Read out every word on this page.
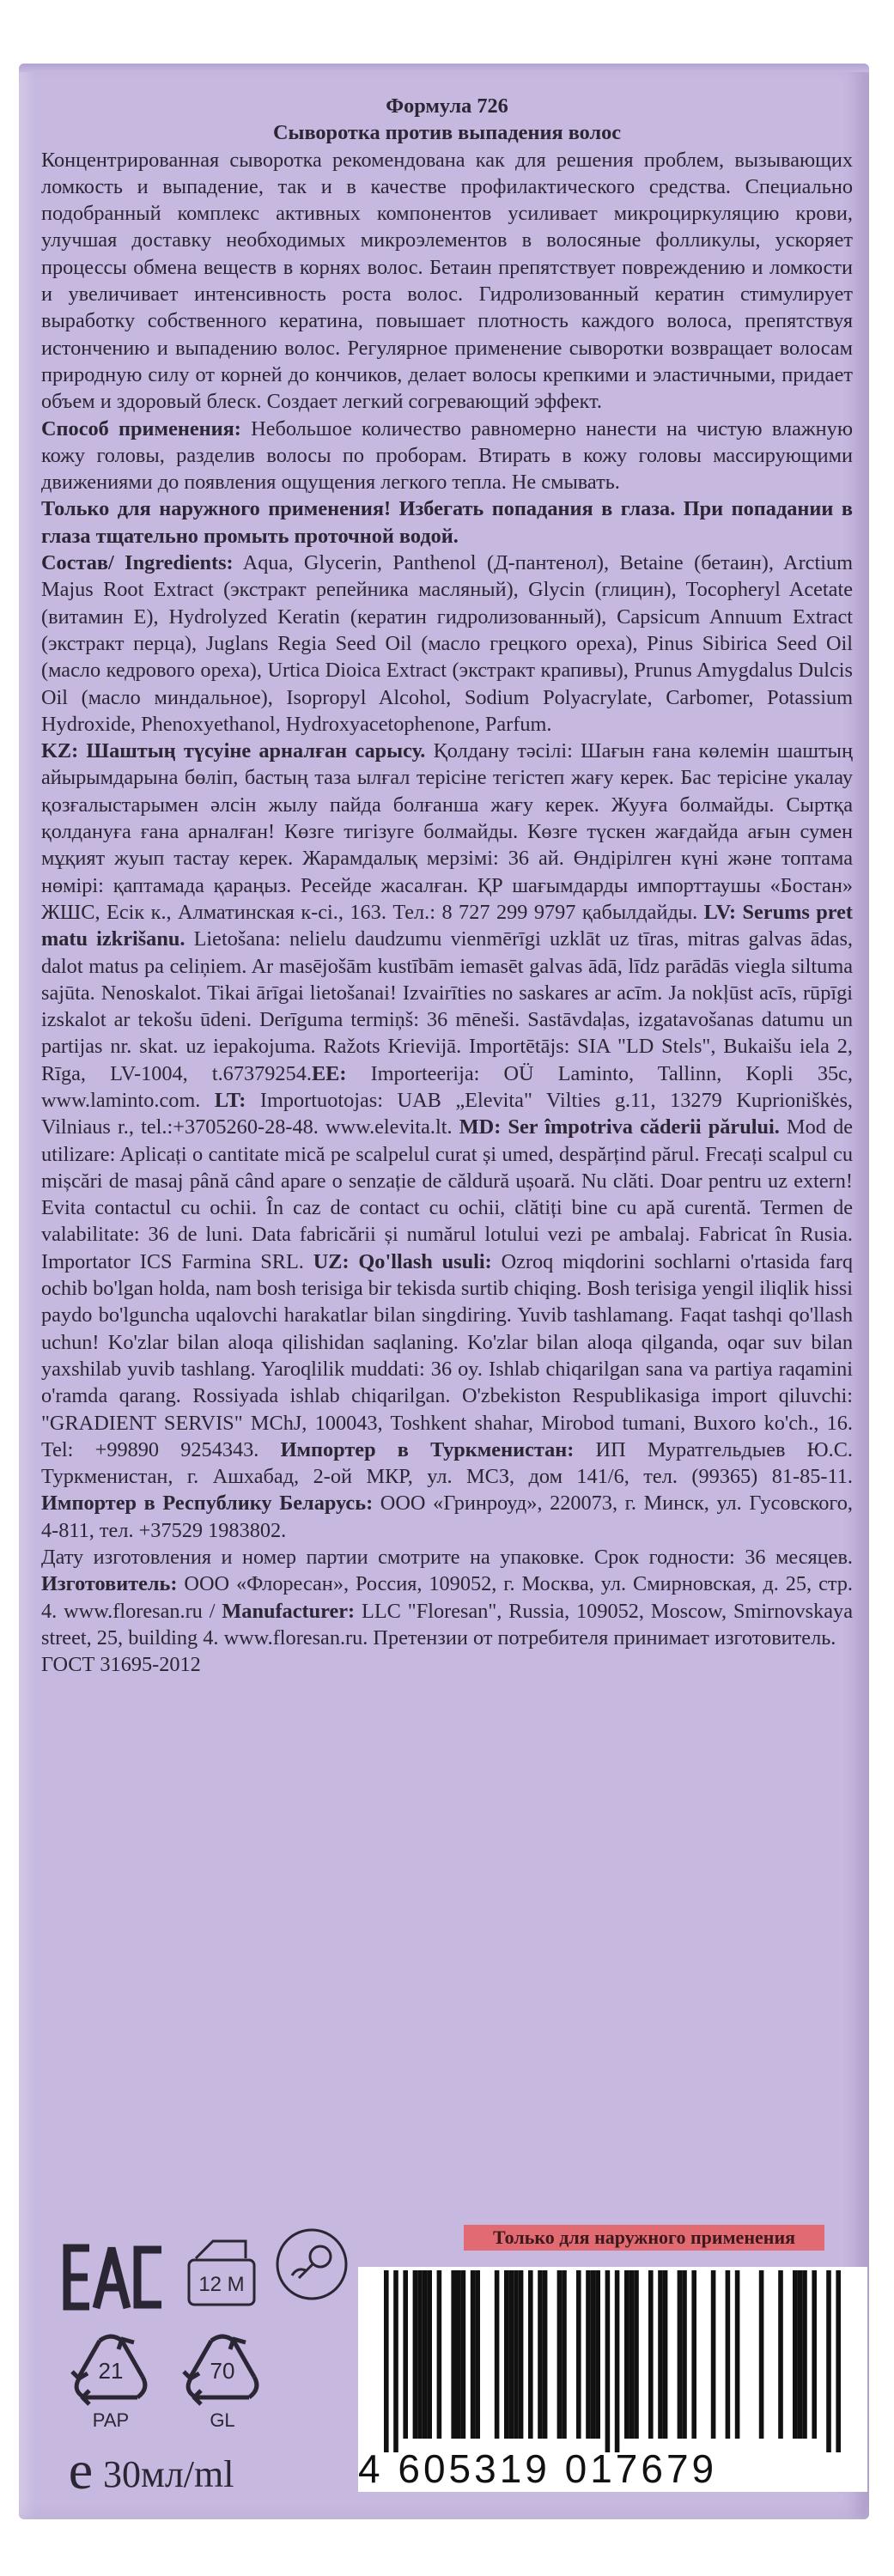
Формула 726

Сыворотка против выпадения волос

Концентрированная сыворотка рекомендована как для решения проблем, вызывающих ломкость и выпадение, так и в качестве профилактического средства. Специально подобранный комплекс активных компонентов усиливает микроциркуляцию крови, улучшая доставку необходимых микроэлементов в волосяные фолликулы, ускоряет процессы обмена веществ в корнях волос. Бетаин препятствует повреждению и ломкости и увеличивает интенсивность роста волос. Гидролизованный кератин стимулирует выработку собственного кератина, повышает плотность каждого волоса, препятствуя истончению и выпадению волос. Регулярное применение сыворотки возвращает волосам природную силу от корней до кончиков, делает волосы крепкими и эластичными, придает объем и здоровый блеск. Создает легкий согревающий эффект.

Способ применения: Небольшое количество равномерно нанести на чистую влажную кожу головы, разделив волосы по проборам. Втирать в кожу головы массирующими движениями до появления ощущения легкого тепла. Не смывать.

Только для наружного применения! Избегать попадания в глаза. При попадании в глаза тщательно промыть проточной водой.

Состав/ Ingredients: Aqua, Glycerin, Panthenol (Д-пантенол), Betaine (бетаин), Arctium Majus Root Extract (экстракт репейника масляный), Glycin (глицин), Tocopheryl Acetate (витамин Е), Hydrolyzed Keratin (кератин гидролизованный), Capsicum Annuum Extract (экстракт перца), Juglans Regia Seed Oil (масло грецкого ореха), Pinus Sibirica Seed Oil (масло кедрового ореха), Urtica Dioica Extract (экстракт крапивы), Prunus Amygdalus Dulcis Oil (масло миндальное), Isopropyl Alcohol, Sodium Polyacrylate, Carbomer, Potassium Hydroxide, Phenoxyethanol, Hydroxyacetophenone, Parfum.

KZ: Шаштың түсуіне арналған сарысу. Қолдану тәсілі: Шағын ғана көлемін шаштың айырымдарына бөліп, бастың таза ылғал терісіне тегістеп жағу керек. Бас терісіне укалау қозғалыстарымен әлсін жылу пайда болғанша жағу керек. Жууға болмайды. Сыртқа қолдануға ғана арналған! Көзге тигізуге болмайды. Көзге түскен жағдайда ағын сумен мұқият жуып тастау керек. Жарамдалық мерзімі: 36 ай. Өндірілген күні және топтама нөмірі: қаптамада қараңыз. Ресейде жасалған. ҚР шағымдарды импорттаушы «Бостан» ЖШС, Есік к., Алматинская к-сі., 163. Тел.: 8 727 299 9797 қабылдайды. LV: Serums pret matu izkrišanu. Lietošana: nelielu daudzumu vienmērīgi uzklāt uz tīras, mitras galvas ādas, dalot matus pa celiņiem. Ar masējošām kustībām iemasēt galvas ādā, līdz parādās viegla siltuma sajūta. Nenoskalot. Tikai ārīgai lietošanai! Izvairīties no saskares ar acīm. Ja nokļūst acīs, rūpīgi izskalot ar tekošu ūdeni. Derīguma termiņš: 36 mēneši. Sastāvdaļas, izgatavošanas datumu un partijas nr. skat. uz iepakojuma. Ražots Krievijā. Importētājs: SIA "LD Stels", Bukaišu iela 2, Rīga, LV-1004, t.67379254.EE: Importeerija: OÜ Laminto, Tallinn, Kopli 35c, www.laminto.com. LT: Importuotojas: UAB „Elevita" Vilties g.11, 13279 Kuprioniškės, Vilniaus r., tel.:+3705260-28-48. www.elevita.lt. MD: Ser împotriva căderii părului. Mod de utilizare: Aplicați o cantitate mică pe scalpelul curat și umed, despărțind părul. Frecați scalpul cu mișcări de masaj până când apare o senzație de căldură ușoară. Nu clăti. Doar pentru uz extern! Evita contactul cu ochii. În caz de contact cu ochii, clătiți bine cu apă curentă. Termen de valabilitate: 36 de luni. Data fabricării și numărul lotului vezi pe ambalaj. Fabricat în Rusia. Importator ICS Farmina SRL. UZ: Qo'llash usuli: Ozroq miqdorini sochlarni o'rtasida farq ochib bo'lgan holda, nam bosh terisiga bir tekisda surtib chiqing. Bosh terisiga yengil iliqlik hissi paydo bo'lguncha uqalovchi harakatlar bilan singdiring. Yuvib tashlamang. Faqat tashqi qo'llash uchun! Ko'zlar bilan aloqa qilishidan saqlaning. Ko'zlar bilan aloqa qilganda, oqar suv bilan yaxshilab yuvib tashlang. Yaroqlilik muddati: 36 oy. Ishlab chiqarilgan sana va partiya raqamini o'ramda qarang. Rossiyada ishlab chiqarilgan. O'zbekiston Respublikasiga import qiluvchi: "GRADIENT SERVIS" MChJ, 100043, Toshkent shahar, Mirobod tumani, Buxoro ko'ch., 16. Tel: +99890 9254343. Импортер в Туркменистан: ИП Муратгельдыев Ю.С. Туркменистан, г. Ашхабад, 2-ой МКР, ул. МСЗ, дом 141/6, тел. (99365) 81-85-11. Импортер в Республику Беларусь: ООО «Гринроуд», 220073, г. Минск, ул. Гусовского, 4-811, тел. +37529 1983802.

Дату изготовления и номер партии смотрите на упаковке. Срок годности: 36 месяцев. Изготовитель: ООО «Флоресан», Россия, 109052, г. Москва, ул. Смирновская, д. 25, стр. 4. www.floresan.ru / Manufacturer: LLC "Floresan", Russia, 109052, Moscow, Smirnovskaya street, 25, building 4. www.floresan.ru. Претензии от потребителя принимает изготовитель.

ГОСТ 31695-2012

Только для наружного применения
EAC
12 M
21
PAP
70
GL
e 30мл/ml	4 605319 017679
